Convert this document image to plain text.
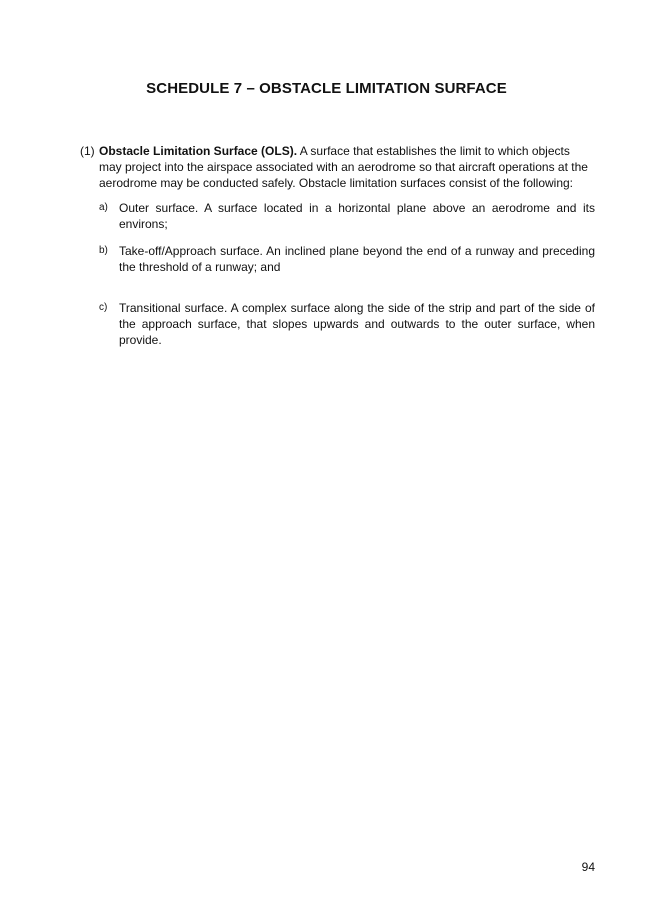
SCHEDULE 7 – OBSTACLE LIMITATION SURFACE
(1) Obstacle Limitation Surface (OLS). A surface that establishes the limit to which objects may project into the airspace associated with an aerodrome so that aircraft operations at the aerodrome may be conducted safely. Obstacle limitation surfaces consist of the following:
a) Outer surface. A surface located in a horizontal plane above an aerodrome and its environs;
b) Take-off/Approach surface. An inclined plane beyond the end of a runway and preceding the threshold of a runway; and
c) Transitional surface. A complex surface along the side of the strip and part of the side of the approach surface, that slopes upwards and outwards to the outer surface, when provide.
94
